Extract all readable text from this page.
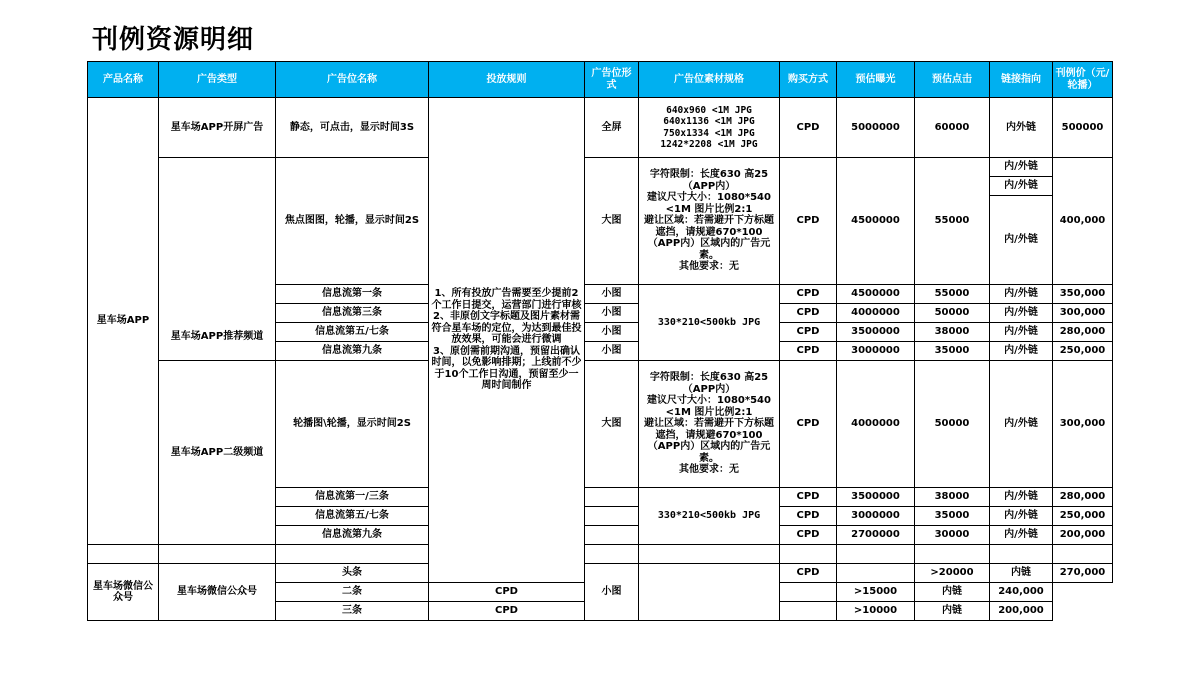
刊例资源明细
产品名称	广告类型	广告位名称	投放规则	广告位形式	广告位素材规格	购买方式	预估曝光	预估点击	链接指向	刊例价（元/轮播）
星车场APP	星车场APP开屏广告	静态，可点击，显示时间3S	1、所有投放广告需要至少提前2个工作日提交，运营部门进行审核
2、非原创文字标题及图片素材需符合星车场的定位，为达到最佳投放效果，可能会进行微调
3、原创需前期沟通，预留出确认时间，以免影响排期；上线前不少于10个工作日沟通，预留至少一周时间制作	全屏	640x960 <1M JPG
640x1136 <1M JPG
750x1334 <1M JPG
1242*2208 <1M JPG	CPD	5000000	60000	内外链	500000
	星车场APP推荐频道	焦点图图，轮播，显示时间2S		大图	字符限制：长度630 高25（APP内）
建议尺寸大小：1080*540 <1M 图片比例2:1
避让区域：若需避开下方标题遮挡，请规避670*100（APP内）区域内的广告元素。
其他要求：无	CPD	4500000	55000	内/外链	400,000
									内/外链	
									内/外链	
		信息流第一条		小图	330*210<500kb JPG	CPD	4500000	55000	内/外链	350,000
		信息流第三条		小图		CPD	4000000	50000	内/外链	300,000
		信息流第五/七条		小图		CPD	3500000	38000	内/外链	280,000
		信息流第九条		小图		CPD	3000000	35000	内/外链	250,000
	星车场APP二级频道	轮播图\轮播，显示时间2S		大图	字符限制：长度630 高25（APP内）
建议尺寸大小：1080*540 <1M 图片比例2:1
避让区域：若需避开下方标题遮挡，请规避670*100（APP内）区域内的广告元素。
其他要求：无	CPD	4000000	50000	内/外链	300,000
		信息流第一/三条			330*210<500kb JPG	CPD	3500000	38000	内/外链	280,000
		信息流第五/七条				CPD	3000000	35000	内/外链	250,000
		信息流第九条				CPD	2700000	30000	内/外链	200,000

星车场微信公众号	星车场微信公众号	头条		小图		CPD		>20000	内链	270,000
		二条	CPD				>15000	内链	240,000	
		三条	CPD				>10000	内链	200,000	
